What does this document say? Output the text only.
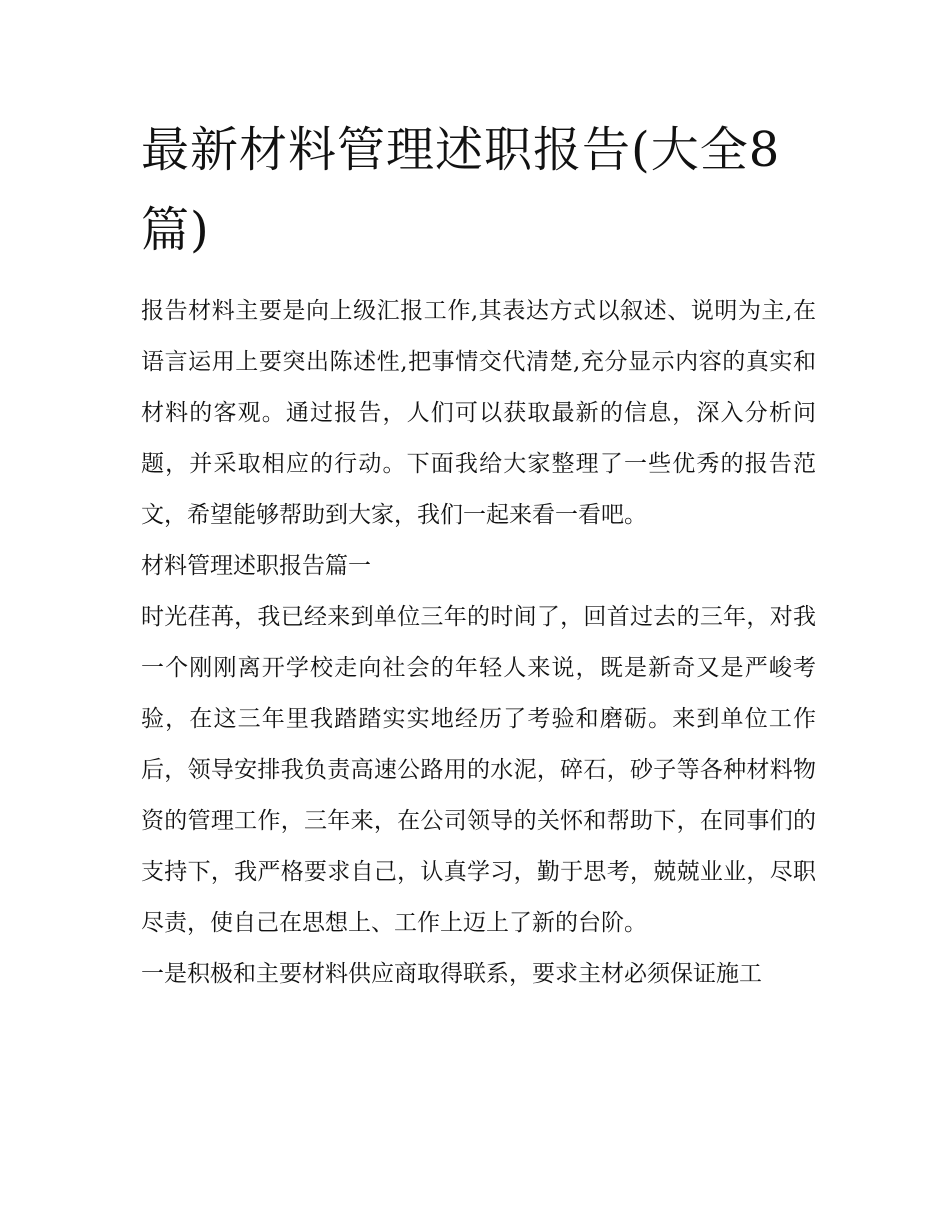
最新材料管理述职报告(大全8篇)

报告材料主要是向上级汇报工作,其表达方式以叙述、说明为主,在语言运用上要突出陈述性,把事情交代清楚,充分显示内容的真实和材料的客观。通过报告，人们可以获取最新的信息，深入分析问题，并采取相应的行动。下面我给大家整理了一些优秀的报告范文，希望能够帮助到大家，我们一起来看一看吧。

材料管理述职报告篇一

时光荏苒，我已经来到单位三年的时间了，回首过去的三年，对我一个刚刚离开学校走向社会的年轻人来说，既是新奇又是严峻考验，在这三年里我踏踏实实地经历了考验和磨砺。来到单位工作后，领导安排我负责高速公路用的水泥，碎石，砂子等各种材料物资的管理工作，三年来，在公司领导的关怀和帮助下，在同事们的支持下，我严格要求自己，认真学习，勤于思考，兢兢业业，尽职尽责，使自己在思想上、工作上迈上了新的台阶。

一是积极和主要材料供应商取得联系，要求主材必须保证施工
